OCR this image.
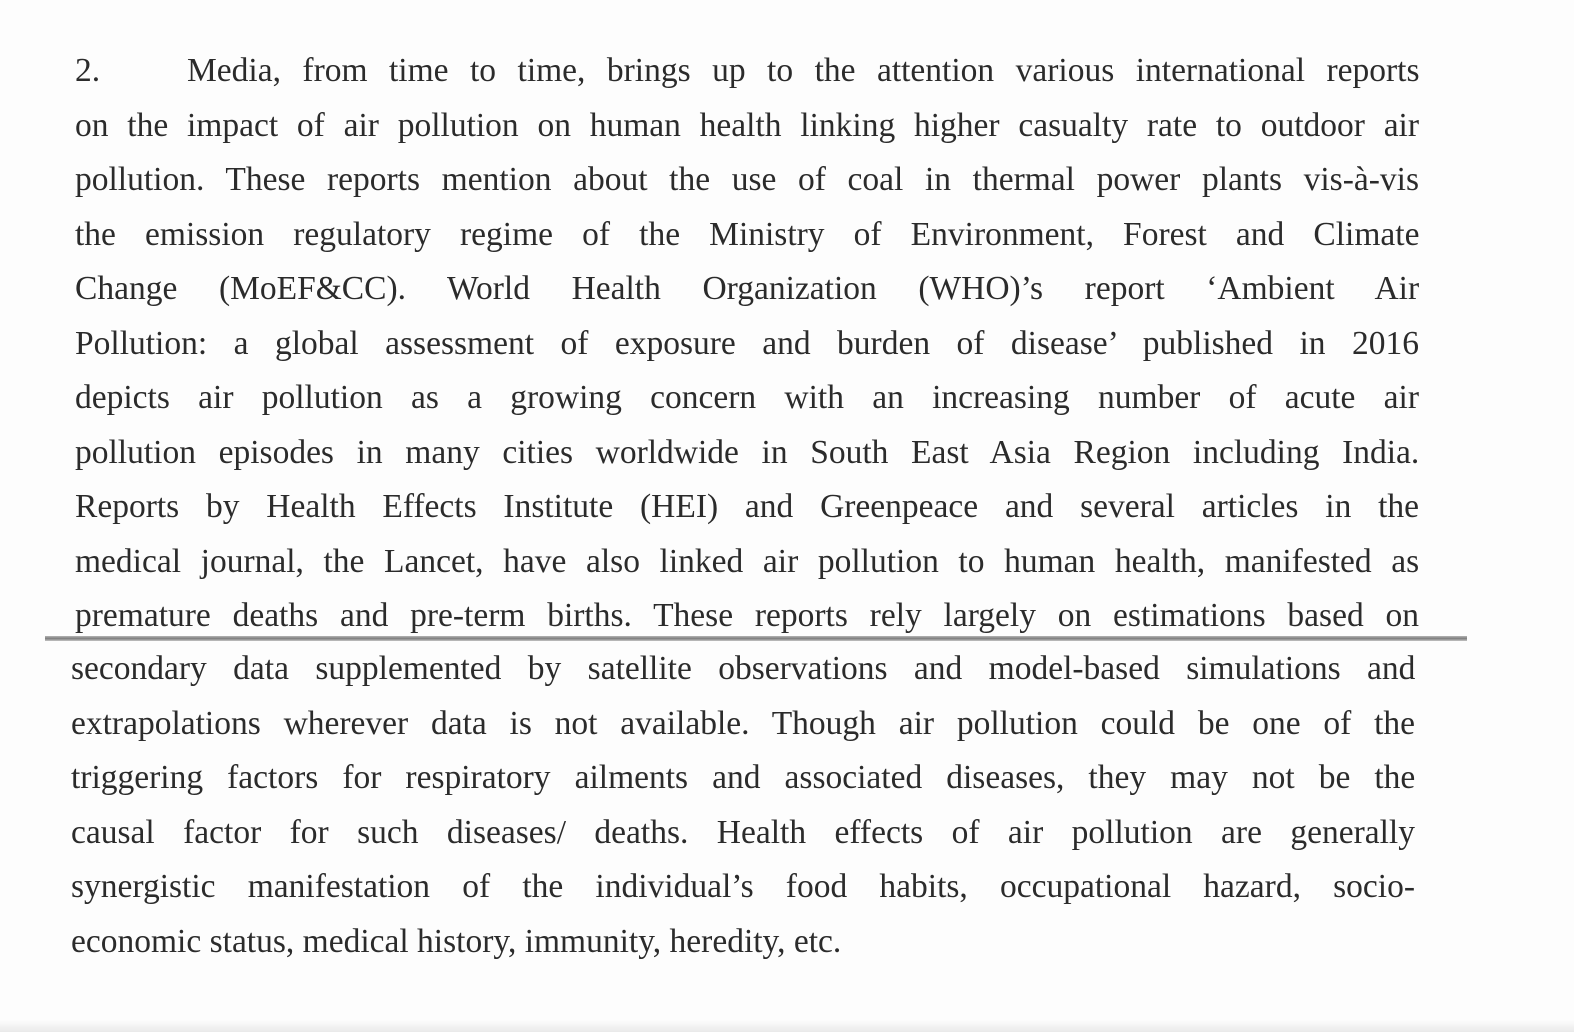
2.	Media, from time to time, brings up to the attention various international reports
on the impact of air pollution on human health linking higher casualty rate to outdoor air
pollution. These reports mention about the use of coal in thermal power plants vis-à-vis
the emission regulatory regime of the Ministry of Environment, Forest and Climate
Change (MoEF&CC). World Health Organization (WHO)’s report ‘Ambient Air
Pollution: a global assessment of exposure and burden of disease’ published in 2016
depicts air pollution as a growing concern with an increasing number of acute air
pollution episodes in many cities worldwide in South East Asia Region including India.
Reports by Health Effects Institute (HEI) and Greenpeace and several articles in the
medical journal, the Lancet, have also linked air pollution to human health, manifested as
premature deaths and pre-term births. These reports rely largely on estimations based on
secondary data supplemented by satellite observations and model-based simulations and
extrapolations wherever data is not available. Though air pollution could be one of the
triggering factors for respiratory ailments and associated diseases, they may not be the
causal factor for such diseases/ deaths. Health effects of air pollution are generally
synergistic manifestation of the individual’s food habits, occupational hazard, socio-
economic status, medical history, immunity, heredity, etc.
